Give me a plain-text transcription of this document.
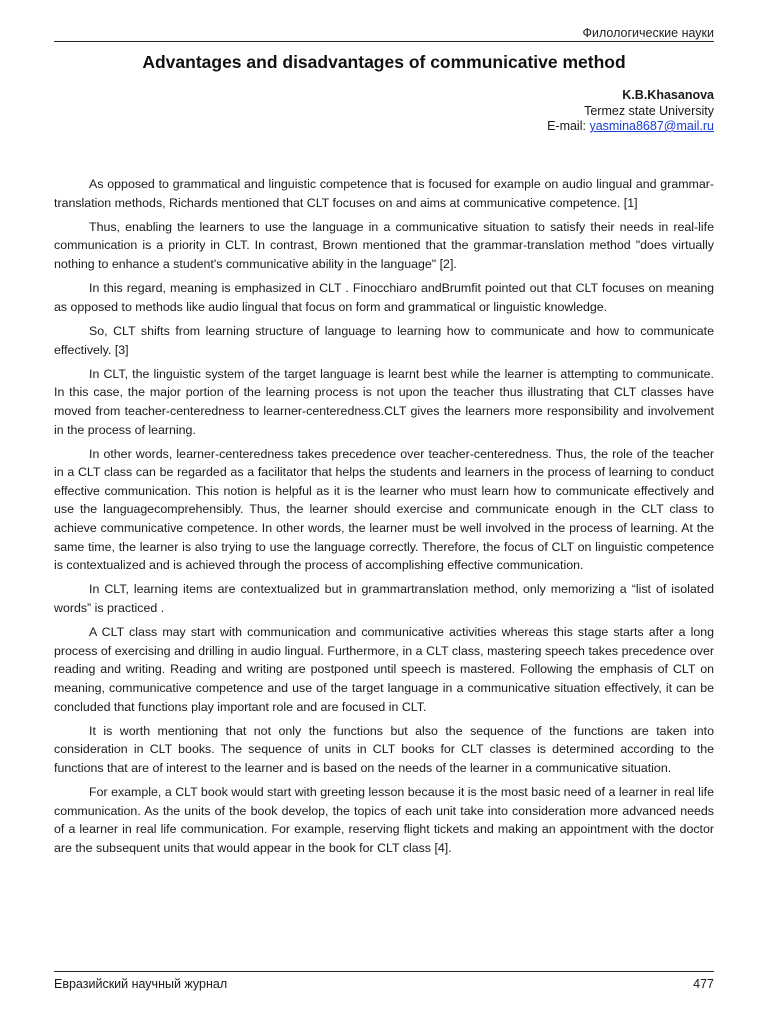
Филологические науки
Advantages and disadvantages of communicative method
K.B.Khasanova
Termez state University
E-mail: yasmina8687@mail.ru

As opposed to grammatical and linguistic competence that is focused for example on audio lingual and grammar-translation methods, Richards mentioned that CLT focuses on and aims at communicative competence. [1]

Thus, enabling the learners to use the language in a communicative situation to satisfy their needs in real-life communication is a priority in CLT. In contrast, Brown mentioned that the grammar-translation method "does virtually nothing to enhance a student's communicative ability in the language" [2].

In this regard, meaning is emphasized in CLT . Finocchiaro andBrumfit pointed out that CLT focuses on meaning as opposed to methods like audio lingual that focus on form and grammatical or linguistic knowledge.

So, CLT shifts from learning structure of language to learning how to communicate and how to communicate effectively. [3]

In CLT, the linguistic system of the target language is learnt best while the learner is attempting to communicate. In this case, the major portion of the learning process is not upon the teacher thus illustrating that CLT classes have moved from teacher-centeredness to learner-centeredness.CLT gives the learners more responsibility and involvement in the process of learning.

In other words, learner-centeredness takes precedence over teacher-centeredness. Thus, the role of the teacher in a CLT class can be regarded as a facilitator that helps the students and learners in the process of learning to conduct effective communication. This notion is helpful as it is the learner who must learn how to communicate effectively and use the languagecomprehensibly. Thus, the learner should exercise and communicate enough in the CLT class to achieve communicative competence. In other words, the learner must be well involved in the process of learning. At the same time, the learner is also trying to use the language correctly. Therefore, the focus of CLT on linguistic competence is contextualized and is achieved through the process of accomplishing effective communication.

In CLT, learning items are contextualized but in grammartranslation method, only memorizing a “list of isolated words” is practiced .

A CLT class may start with communication and communicative activities whereas this stage starts after a long process of exercising and drilling in audio lingual. Furthermore, in a CLT class, mastering speech takes precedence over reading and writing. Reading and writing are postponed until speech is mastered. Following the emphasis of CLT on meaning, communicative competence and use of the target language in a communicative situation effectively, it can be concluded that functions play important role and are focused in CLT.

It is worth mentioning that not only the functions but also the sequence of the functions are taken into consideration in CLT books. The sequence of units in CLT books for CLT classes is determined according to the functions that are of interest to the learner and is based on the needs of the learner in a communicative situation.

For example, a CLT book would start with greeting lesson because it is the most basic need of a learner in real life communication. As the units of the book develop, the topics of each unit take into consideration more advanced needs of a learner in real life communication. For example, reserving flight tickets and making an appointment with the doctor are the subsequent units that would appear in the book for CLT class [4].

Евразийский научный журнал	477
